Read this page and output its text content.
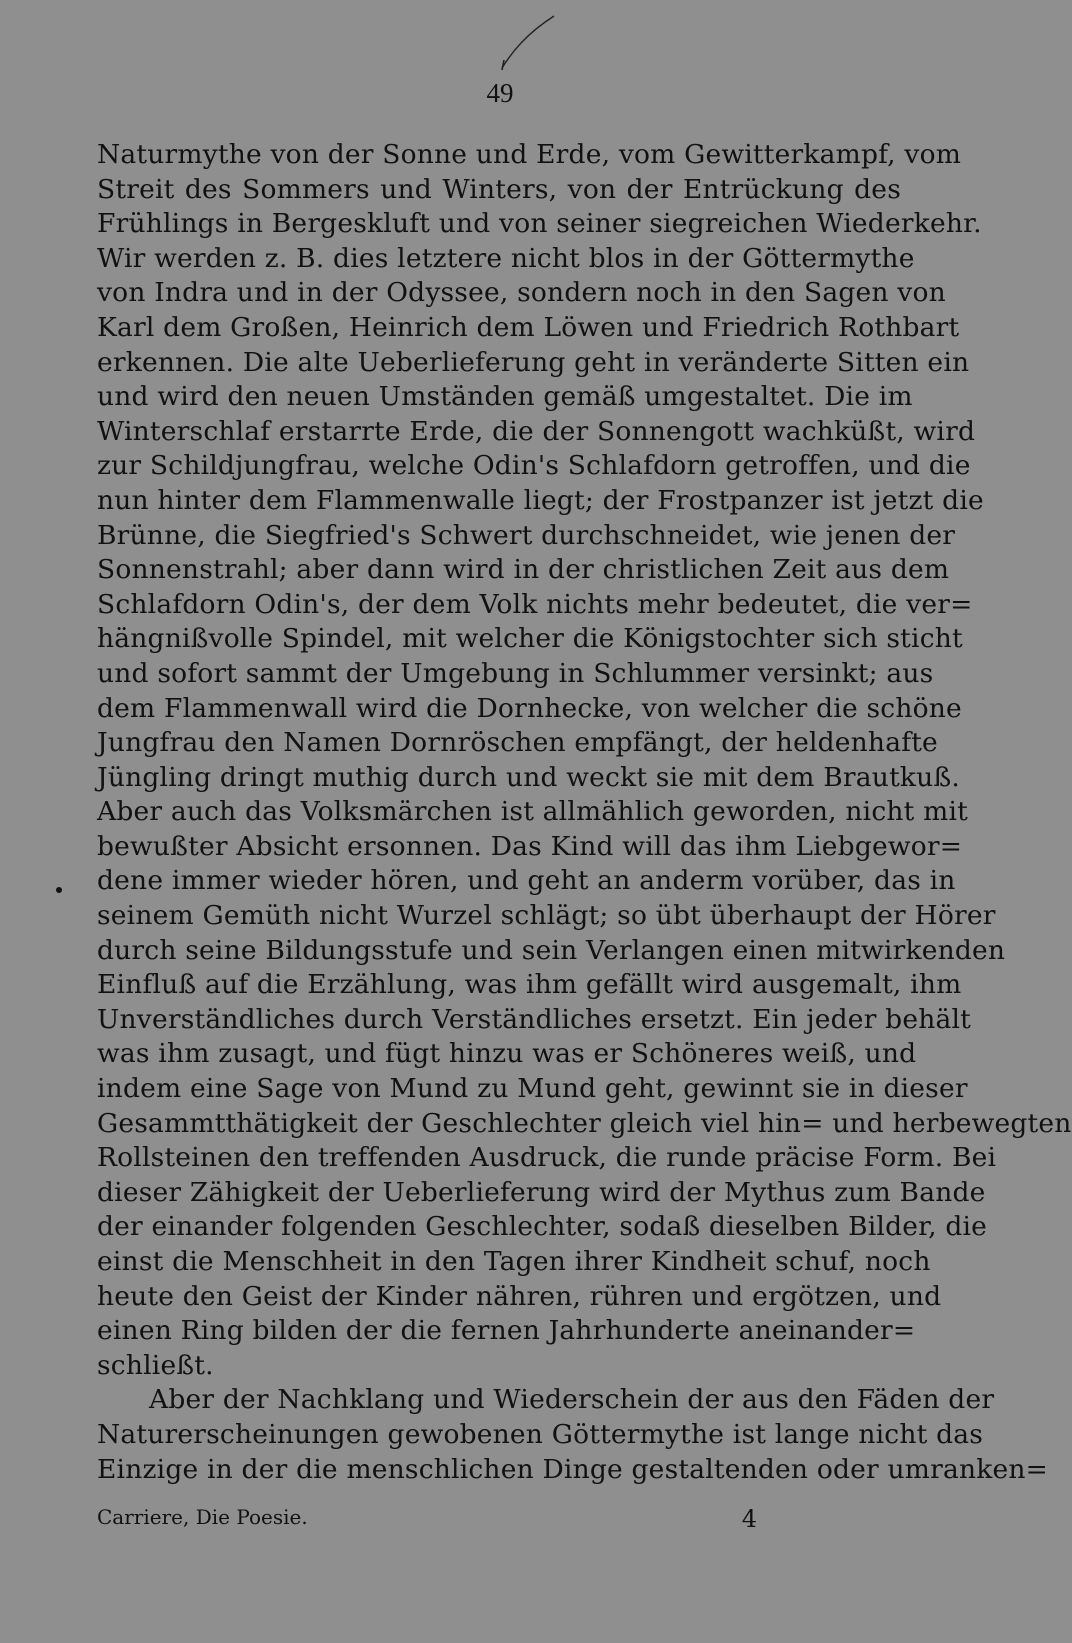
49

Naturmythe von der Sonne und Erde, vom Gewitterkampf, vom
Streit des Sommers und Winters, von der Entrückung des
Frühlings in Bergeskluft und von seiner siegreichen Wiederkehr.
Wir werden z. B. dies letztere nicht blos in der Göttermythe
von Indra und in der Odyssee, sondern noch in den Sagen von
Karl dem Großen, Heinrich dem Löwen und Friedrich Rothbart
erkennen. Die alte Ueberlieferung geht in veränderte Sitten ein
und wird den neuen Umständen gemäß umgestaltet. Die im
Winterschlaf erstarrte Erde, die der Sonnengott wachküßt, wird
zur Schildjungfrau, welche Odin's Schlafdorn getroffen, und die
nun hinter dem Flammenwalle liegt; der Frostpanzer ist jetzt die
Brünne, die Siegfried's Schwert durchschneidet, wie jenen der
Sonnenstrahl; aber dann wird in der christlichen Zeit aus dem
Schlafdorn Odin's, der dem Volk nichts mehr bedeutet, die ver=
hängnißvolle Spindel, mit welcher die Königstochter sich sticht
und sofort sammt der Umgebung in Schlummer versinkt; aus
dem Flammenwall wird die Dornhecke, von welcher die schöne
Jungfrau den Namen Dornröschen empfängt, der heldenhafte
Jüngling dringt muthig durch und weckt sie mit dem Brautkuß.
Aber auch das Volksmärchen ist allmählich geworden, nicht mit
bewußter Absicht ersonnen. Das Kind will das ihm Liebgewor=
dene immer wieder hören, und geht an anderm vorüber, das in
seinem Gemüth nicht Wurzel schlägt; so übt überhaupt der Hörer
durch seine Bildungsstufe und sein Verlangen einen mitwirkenden
Einfluß auf die Erzählung, was ihm gefällt wird ausgemalt, ihm
Unverständliches durch Verständliches ersetzt. Ein jeder behält
was ihm zusagt, und fügt hinzu was er Schöneres weiß, und
indem eine Sage von Mund zu Mund geht, gewinnt sie in dieser
Gesammtthätigkeit der Geschlechter gleich viel hin= und herbewegten
Rollsteinen den treffenden Ausdruck, die runde präcise Form. Bei
dieser Zähigkeit der Ueberlieferung wird der Mythus zum Bande
der einander folgenden Geschlechter, sodaß dieselben Bilder, die
einst die Menschheit in den Tagen ihrer Kindheit schuf, noch
heute den Geist der Kinder nähren, rühren und ergötzen, und
einen Ring bilden der die fernen Jahrhunderte aneinander=
schließt.

Aber der Nachklang und Wiederschein der aus den Fäden der
Naturerscheinungen gewobenen Göttermythe ist lange nicht das
Einzige in der die menschlichen Dinge gestaltenden oder umranken=

Carriere, Die Poesie.	4
